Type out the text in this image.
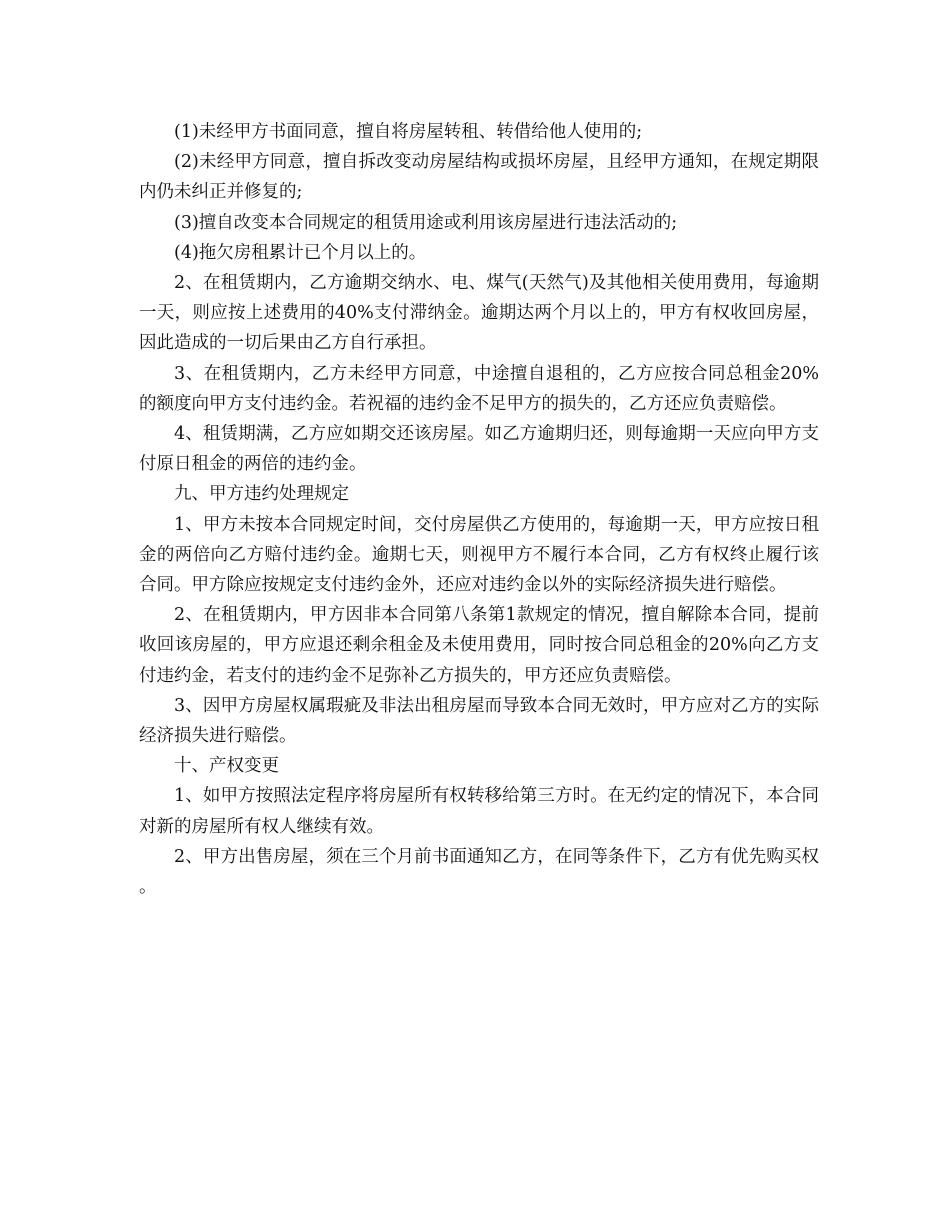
(1)未经甲方书面同意，擅自将房屋转租、转借给他人使用的;

(2)未经甲方同意，擅自拆改变动房屋结构或损坏房屋，且经甲方通知，在规定期限内仍未纠正并修复的;

(3)擅自改变本合同规定的租赁用途或利用该房屋进行违法活动的;

(4)拖欠房租累计已个月以上的。

2、在租赁期内，乙方逾期交纳水、电、煤气(天然气)及其他相关使用费用，每逾期一天，则应按上述费用的40%支付滞纳金。逾期达两个月以上的，甲方有权收回房屋，因此造成的一切后果由乙方自行承担。

3、在租赁期内，乙方未经甲方同意，中途擅自退租的，乙方应按合同总租金20%的额度向甲方支付违约金。若祝福的违约金不足甲方的损失的，乙方还应负责赔偿。

4、租赁期满，乙方应如期交还该房屋。如乙方逾期归还，则每逾期一天应向甲方支付原日租金的两倍的违约金。

九、甲方违约处理规定

1、甲方未按本合同规定时间，交付房屋供乙方使用的，每逾期一天，甲方应按日租金的两倍向乙方赔付违约金。逾期七天，则视甲方不履行本合同，乙方有权终止履行该合同。甲方除应按规定支付违约金外，还应对违约金以外的实际经济损失进行赔偿。

2、在租赁期内，甲方因非本合同第八条第1款规定的情况，擅自解除本合同，提前收回该房屋的，甲方应退还剩余租金及未使用费用，同时按合同总租金的20%向乙方支付违约金，若支付的违约金不足弥补乙方损失的，甲方还应负责赔偿。

3、因甲方房屋权属瑕疵及非法出租房屋而导致本合同无效时，甲方应对乙方的实际经济损失进行赔偿。

十、产权变更

1、如甲方按照法定程序将房屋所有权转移给第三方时。在无约定的情况下，本合同对新的房屋所有权人继续有效。

2、甲方出售房屋，须在三个月前书面通知乙方，在同等条件下，乙方有优先购买权。
